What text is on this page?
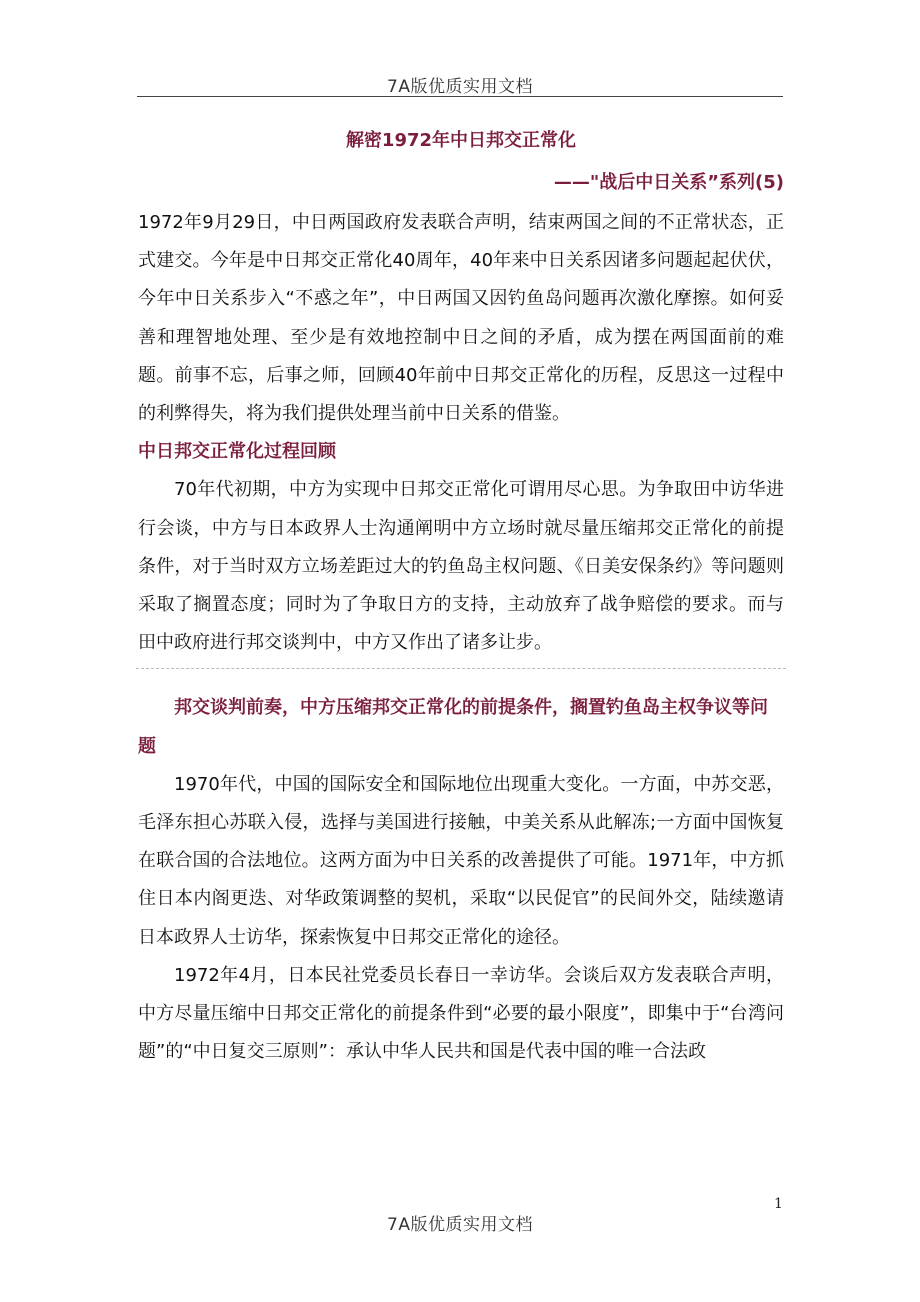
7A版优质实用文档
解密1972年中日邦交正常化
——"战后中日关系”系列(5)

1972年9月29日，中日两国政府发表联合声明，结束两国之间的不正常状态，正式建交。今年是中日邦交正常化40周年，40年来中日关系因诸多问题起起伏伏，今年中日关系步入“不惑之年”，中日两国又因钓鱼岛问题再次激化摩擦。如何妥善和理智地处理、至少是有效地控制中日之间的矛盾，成为摆在两国面前的难题。前事不忘，后事之师，回顾40年前中日邦交正常化的历程，反思这一过程中的利弊得失，将为我们提供处理当前中日关系的借鉴。

中日邦交正常化过程回顾

70年代初期，中方为实现中日邦交正常化可谓用尽心思。为争取田中访华进行会谈，中方与日本政界人士沟通阐明中方立场时就尽量压缩邦交正常化的前提条件，对于当时双方立场差距过大的钓鱼岛主权问题、《日美安保条约》等问题则采取了搁置态度；同时为了争取日方的支持，主动放弃了战争赔偿的要求。而与田中政府进行邦交谈判中，中方又作出了诸多让步。

邦交谈判前奏，中方压缩邦交正常化的前提条件，搁置钓鱼岛主权争议等问题

1970年代，中国的国际安全和国际地位出现重大变化。一方面，中苏交恶，毛泽东担心苏联入侵，选择与美国进行接触，中美关系从此解冻;一方面中国恢复在联合国的合法地位。这两方面为中日关系的改善提供了可能。1971年，中方抓住日本内阁更迭、对华政策调整的契机，采取“以民促官”的民间外交，陆续邀请日本政界人士访华，探索恢复中日邦交正常化的途径。

1972年4月，日本民社党委员长春日一幸访华。会谈后双方发表联合声明，中方尽量压缩中日邦交正常化的前提条件到“必要的最小限度”，即集中于“台湾问题”的“中日复交三原则”：承认中华人民共和国是代表中国的唯一合法政

1
7A版优质实用文档
